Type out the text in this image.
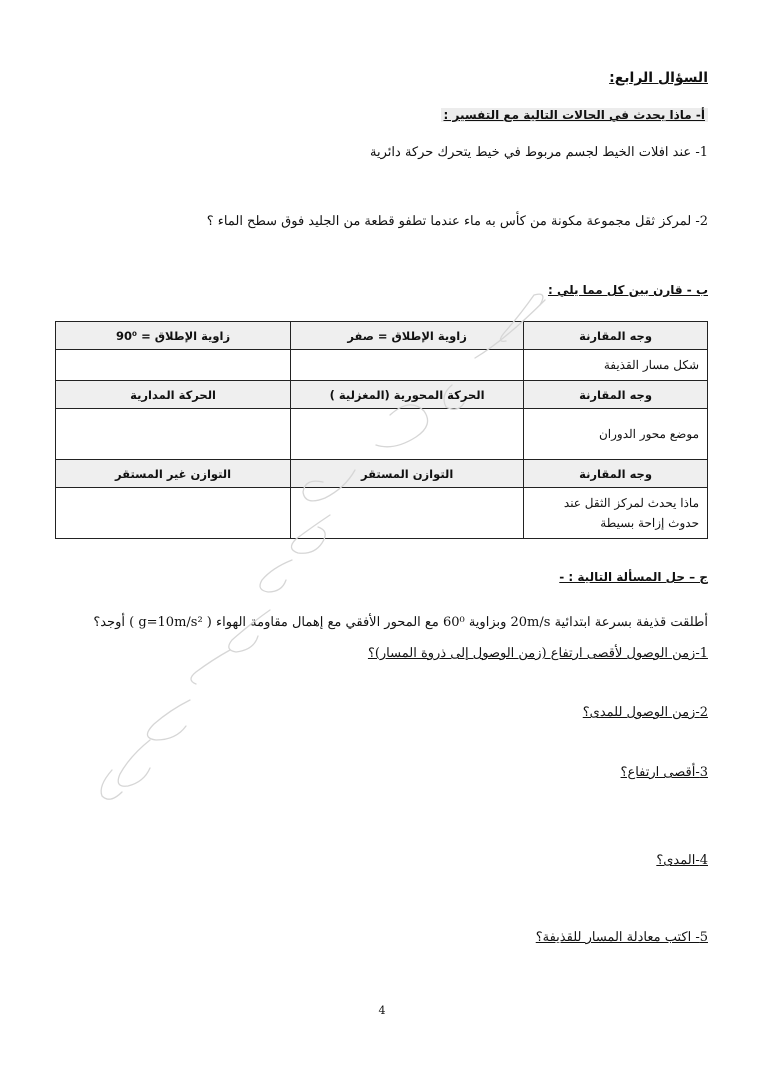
السؤال الرابع:
أ- ماذا يحدث في الحالات التالية مع التفسير :
1- عند افلات الخيط لجسم مربوط في خيط يتحرك حركة دائرية
2- لمركز ثقل مجموعة مكونة من كأس به ماء عندما تطفو قطعة من الجليد فوق سطح الماء ؟
ب - قارن بين كل مما يلي :
وجه المقارنة	زاوية الإطلاق = صفر	زاوية الإطلاق = 90⁰
شكل مسار القذيفة		
وجه المقارنة	الحركة المحورية (المغزلية )	الحركة المدارية
موضع محور الدوران		
وجه المقارنة	التوازن المستقر	التوازن غير المستقر

ماذا يحدث لمركز الثقل عند
حدوث إزاحة بسيطة		

ج – حل المسألة التالية : -
أطلقت قذيفة بسرعة ابتدائية 20m/s وبزاوية 60⁰ مع المحور الأفقي مع إهمال مقاومة الهواء ( g=10m/s² ) أوجد؟
1-زمن الوصول لأقصى ارتفاع (زمن الوصول إلى ذروة المسار)؟
2-زمن الوصول للمدى؟
3-أقصى ارتفاع؟
4-المدى؟
5- اكتب معادلة المسار للقذيفة؟
4
